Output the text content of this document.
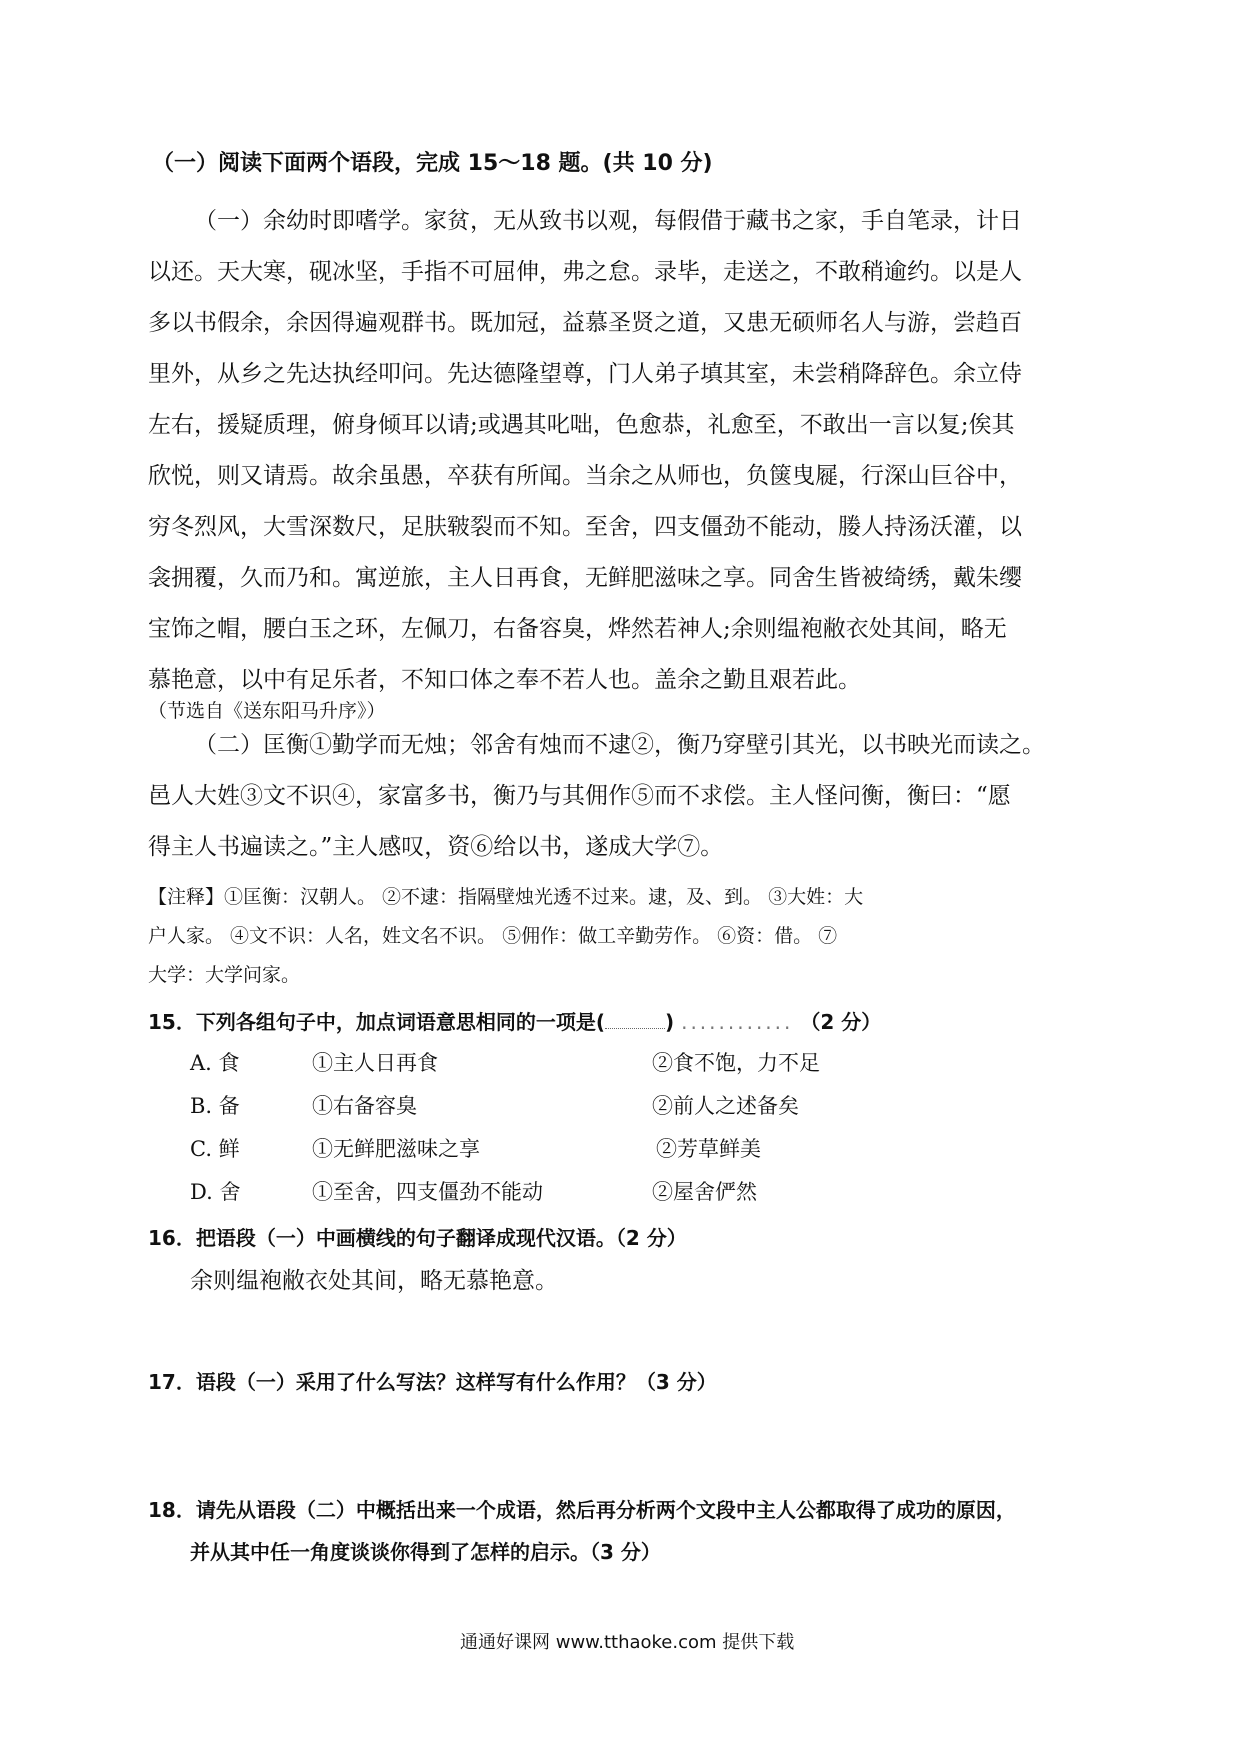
（一）阅读下面两个语段，完成 15～18 题。(共 10 分)
（一）余幼时即嗜学。家贫，无从致书以观，每假借于藏书之家，手自笔录，计日
以还。天大寒，砚冰坚，手指不可屈伸，弗之怠。录毕，走送之，不敢稍逾约。以是人
多以书假余，余因得遍观群书。既加冠，益慕圣贤之道，又患无硕师名人与游，尝趋百
里外，从乡之先达执经叩问。先达德隆望尊，门人弟子填其室，未尝稍降辞色。余立侍
左右，援疑质理，俯身倾耳以请;或遇其叱咄，色愈恭，礼愈至，不敢出一言以复;俟其
欣悦，则又请焉。故余虽愚，卒获有所闻。当余之从师也，负箧曳屣，行深山巨谷中，
穷冬烈风，大雪深数尺，足肤皲裂而不知。至舍，四支僵劲不能动，媵人持汤沃灌，以
衾拥覆，久而乃和。寓逆旅，主人日再食，无鲜肥滋味之享。同舍生皆被绮绣，戴朱缨
宝饰之帽，腰白玉之环，左佩刀，右备容臭，烨然若神人;余则缊袍敝衣处其间，略无
慕艳意，以中有足乐者，不知口体之奉不若人也。盖余之勤且艰若此。
（节选自《送东阳马升序》）
（二）匡衡①勤学而无烛；邻舍有烛而不逮②，衡乃穿壁引其光，以书映光而读之。
邑人大姓③文不识④，家富多书，衡乃与其佣作⑤而不求偿。主人怪问衡，衡曰：“愿
得主人书遍读之。”主人感叹，资⑥给以书，遂成大学⑦。
【注释】①匡衡：汉朝人。 ②不逮：指隔壁烛光透不过来。逮，及、到。 ③大姓：大
户人家。 ④文不识：人名，姓文名不识。 ⑤佣作：做工辛勤劳作。 ⑥资：借。 ⑦
大学：大学问家。
15．下列各组句子中，加点词语意思相同的一项是(	) ............ （2 分）
A. 食	①主人日再食	②食不饱，力不足
B. 备	①右备容臭	②前人之述备矣
C. 鲜	①无鲜肥滋味之享	②芳草鲜美
D. 舍	①至舍，四支僵劲不能动	②屋舍俨然
16．把语段（一）中画横线的句子翻译成现代汉语。（2 分）
余则缊袍敝衣处其间，略无慕艳意。
17．语段（一）采用了什么写法？这样写有什么作用？（3 分）
18．请先从语段（二）中概括出来一个成语，然后再分析两个文段中主人公都取得了成功的原因，
并从其中任一角度谈谈你得到了怎样的启示。（3 分）
通通好课网 www.tthaoke.com 提供下载
